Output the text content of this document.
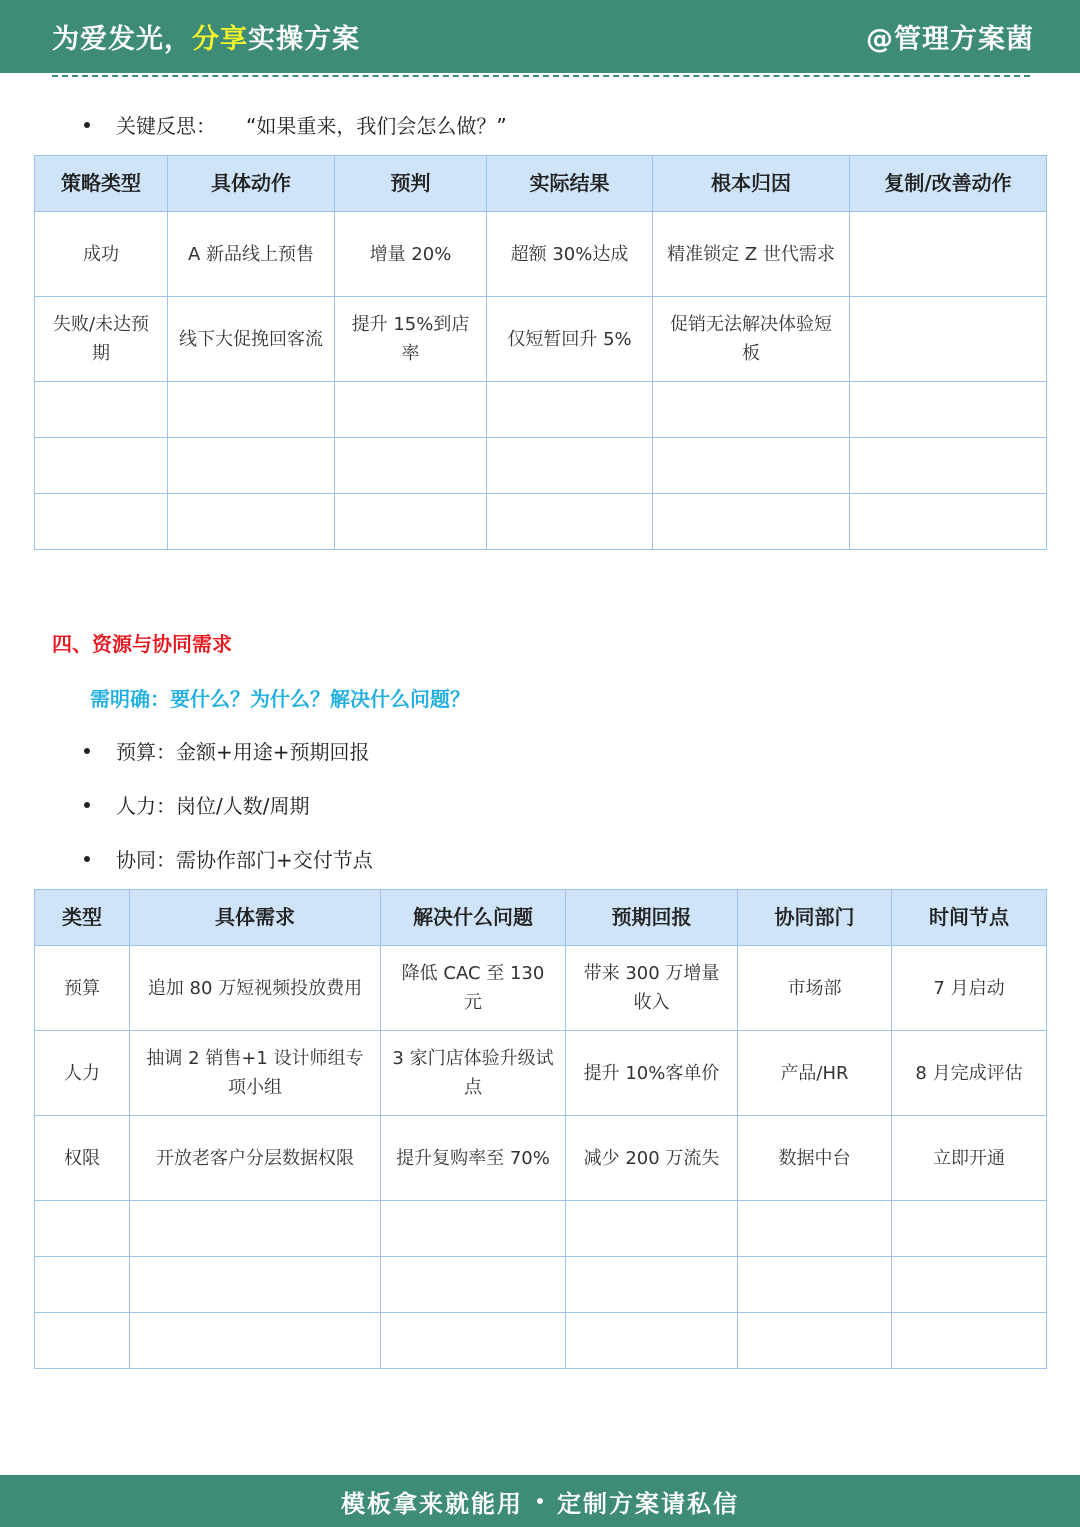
为爱发光，分享实操方案	@管理方案菌
关键反思： “如果重来，我们会怎么做？”
策略类型	具体动作	预判	实际结果	根本归因	复制/改善动作
成功	A 新品线上预售	增量 20%	超额 30%达成	精准锁定 Z 世代需求	
失败/未达预期	线下大促挽回客流	提升 15%到店率	仅短暂回升 5%	促销无法解决体验短板	

四、资源与协同需求
需明确：要什么？为什么？解决什么问题？
预算：金额+用途+预期回报
人力：岗位/人数/周期
协同：需协作部门+交付节点
类型	具体需求	解决什么问题	预期回报	协同部门	时间节点
预算	追加 80 万短视频投放费用	降低 CAC 至 130 元	带来 300 万增量收入	市场部	7 月启动
人力	抽调 2 销售+1 设计师组专项小组	3 家门店体验升级试点	提升 10%客单价	产品/HR	8 月完成评估
权限	开放老客户分层数据权限	提升复购率至 70%	减少 200 万流失	数据中台	立即开通

模板拿来就能用 定制方案请私信
